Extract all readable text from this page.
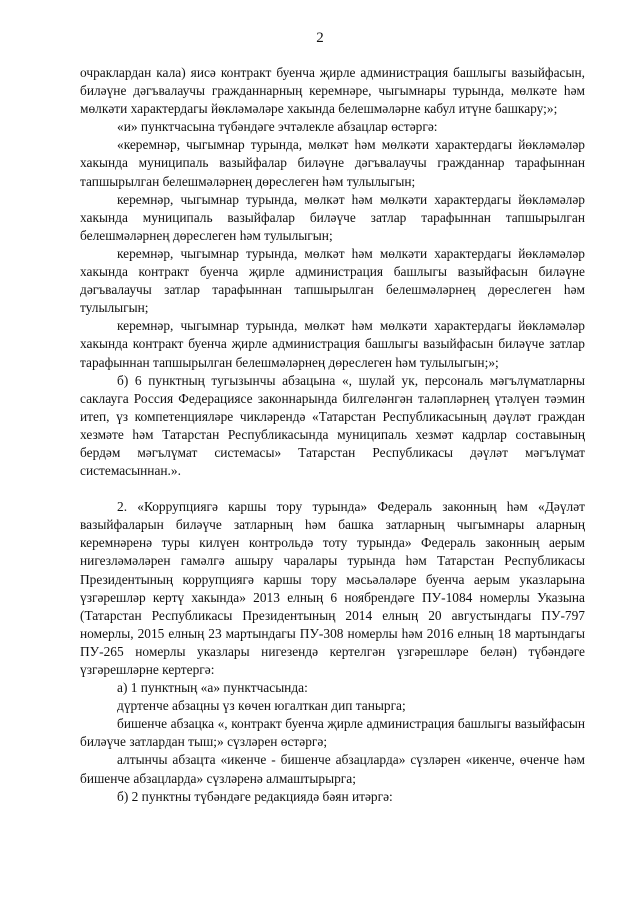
2

очраклардан кала) яисә контракт буенча җирле администрация башлыгы вазыйфасын, биләүне дәгъвалаучы гражданнарның керемнәре, чыгымнары турында, мөлкәте һәм мөлкәти характердагы йөкләмәләре хакында белешмәләрне кабул итүне башкару;»;

«и» пунктчасына түбәндәге эчтәлекле абзацлар өстәргә:

«керемнәр, чыгымнар турында, мөлкәт һәм мөлкәти характердагы йөкләмәләр хакында муниципаль вазыйфалар биләүне дәгъвалаучы гражданнар тарафыннан тапшырылган белешмәләрнең дөреслеген һәм тулылыгын;

керемнәр, чыгымнар турында, мөлкәт һәм мөлкәти характердагы йөкләмәләр хакында муниципаль вазыйфалар биләүче затлар тарафыннан тапшырылган белешмәләрнең дөреслеген һәм тулылыгын;

керемнәр, чыгымнар турында, мөлкәт һәм мөлкәти характердагы йөкләмәләр хакында контракт буенча җирле администрация башлыгы вазыйфасын биләүне дәгъвалаучы затлар тарафыннан тапшырылган белешмәләрнең дөреслеген һәм тулылыгын;

керемнәр, чыгымнар турында, мөлкәт һәм мөлкәти характердагы йөкләмәләр хакында контракт буенча җирле администрация башлыгы вазыйфасын биләүче затлар тарафыннан тапшырылган белешмәләрнең дөреслеген һәм тулылыгын;»;

б) 6 пунктның тугызынчы абзацына «, шулай ук, персональ мәгълүматларны саклауга Россия Федерациясе законнарында билгеләнгән таләпләрнең үтәлүен тәэмин итеп, үз компетенцияләре чикләрендә «Татарстан Республикасының дәүләт граждан хезмәте һәм Татарстан Республикасында муниципаль хезмәт кадрлар составының бердәм мәгълүмат системасы» Татарстан Республикасы дәүләт мәгълүмат системасыннан.».

2. «Коррупциягә каршы тору турында» Федераль законның һәм «Дәүләт вазыйфаларын биләүче затларның һәм башка затларның чыгымнары аларның керемнәренә туры килүен контрольдә тоту турында» Федераль законның аерым нигезләмәләрен гамәлгә ашыру чаралары турында һәм Татарстан Республикасы Президентының коррупциягә каршы тору мәсьәләләре буенча аерым указларына үзгәрешләр кертү хакында» 2013 елның 6 ноябрендәге ПУ-1084 номерлы Указына (Татарстан Республикасы Президентының 2014 елның 20 августындагы ПУ-797 номерлы, 2015 елның 23 мартындагы ПУ-308 номерлы һәм 2016 елның 18 мартындагы ПУ-265 номерлы указлары нигезендә кертелгән үзгәрешләре белән) түбәндәге үзгәрешләрне кертергә:

а) 1 пунктның «а» пунктчасында:

дүртенче абзацны үз көчен югалткан дип танырга;

бишенче абзацка «, контракт буенча җирле администрация башлыгы вазыйфасын биләүче затлардан тыш;» сүзләрен өстәргә;

алтынчы абзацта «икенче - бишенче абзацларда» сүзләрен «икенче, өченче һәм бишенче абзацларда» сүзләренә алмаштырырга;

б) 2 пунктны түбәндәге редакциядә бәян итәргә:
